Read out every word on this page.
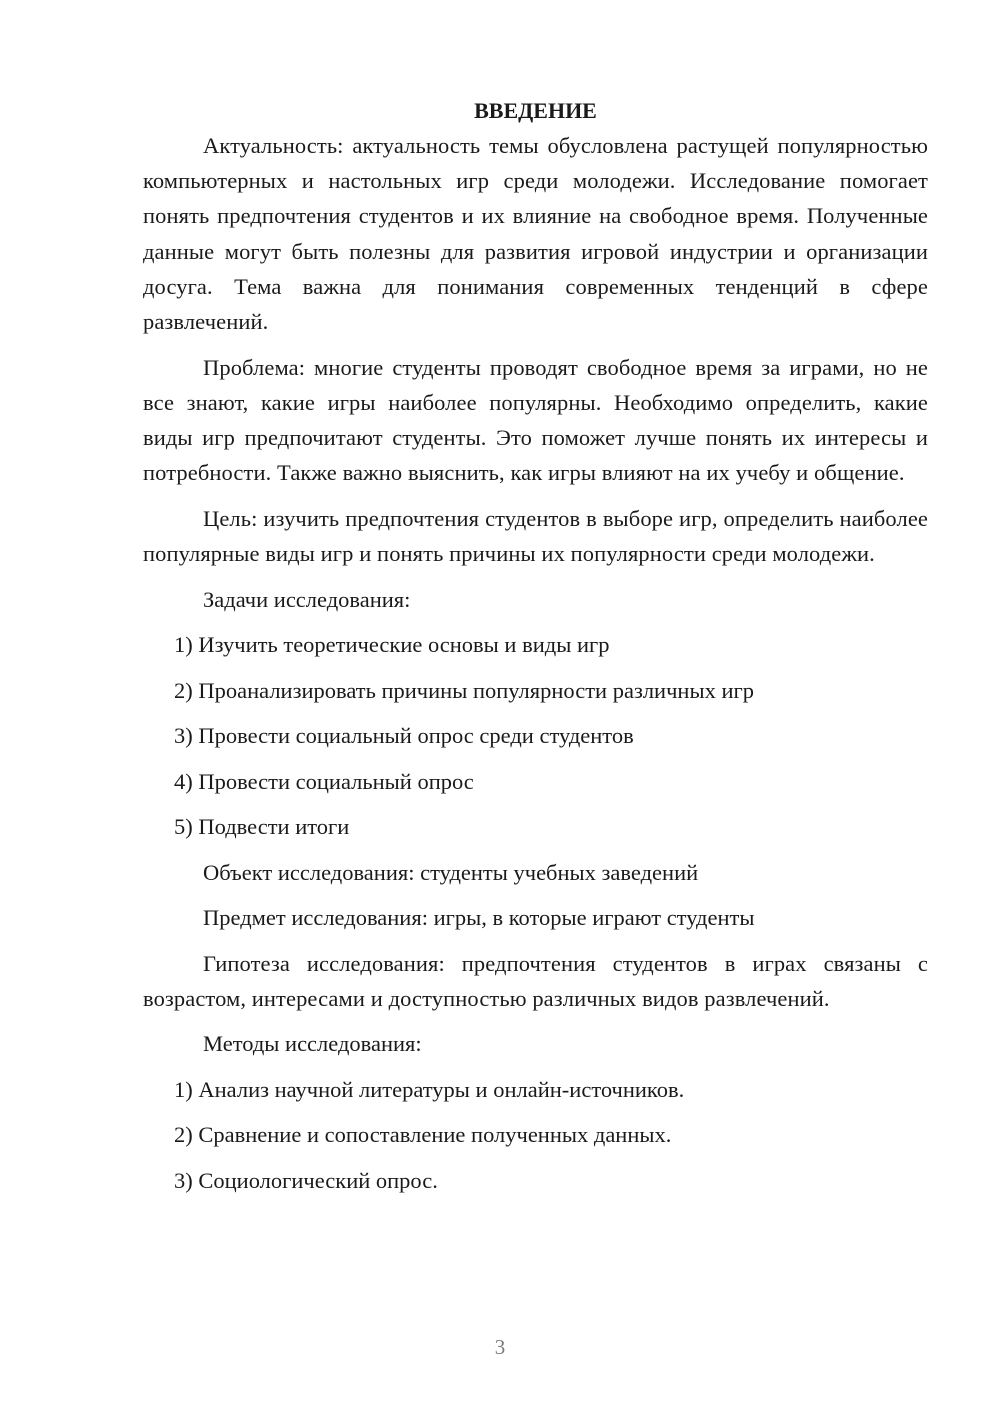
ВВЕДЕНИЕ

Актуальность: актуальность темы обусловлена растущей популярностью компьютерных и настольных игр среди молодежи. Исследование помогает понять предпочтения студентов и их влияние на свободное время. Полученные данные могут быть полезны для развития игровой индустрии и организации досуга. Тема важна для понимания современных тенденций в сфере развлечений.

Проблема: многие студенты проводят свободное время за играми, но не все знают, какие игры наиболее популярны. Необходимо определить, какие виды игр предпочитают студенты. Это поможет лучше понять их интересы и потребности. Также важно выяснить, как игры влияют на их учебу и общение.

Цель: изучить предпочтения студентов в выборе игр, определить наиболее популярные виды игр и понять причины их популярности среди молодежи.

Задачи исследования:
1) Изучить теоретические основы и виды игр
2) Проанализировать причины популярности различных игр
3) Провести социальный опрос среди студентов
4) Провести социальный опрос
5) Подвести итоги
Объект исследования: студенты учебных заведений
Предмет исследования: игры, в которые играют студенты

Гипотеза исследования: предпочтения студентов в играх связаны с возрастом, интересами и доступностью различных видов развлечений.

Методы исследования:
1) Анализ научной литературы и онлайн-источников.
2) Сравнение и сопоставление полученных данных.
3) Социологический опрос.
3
